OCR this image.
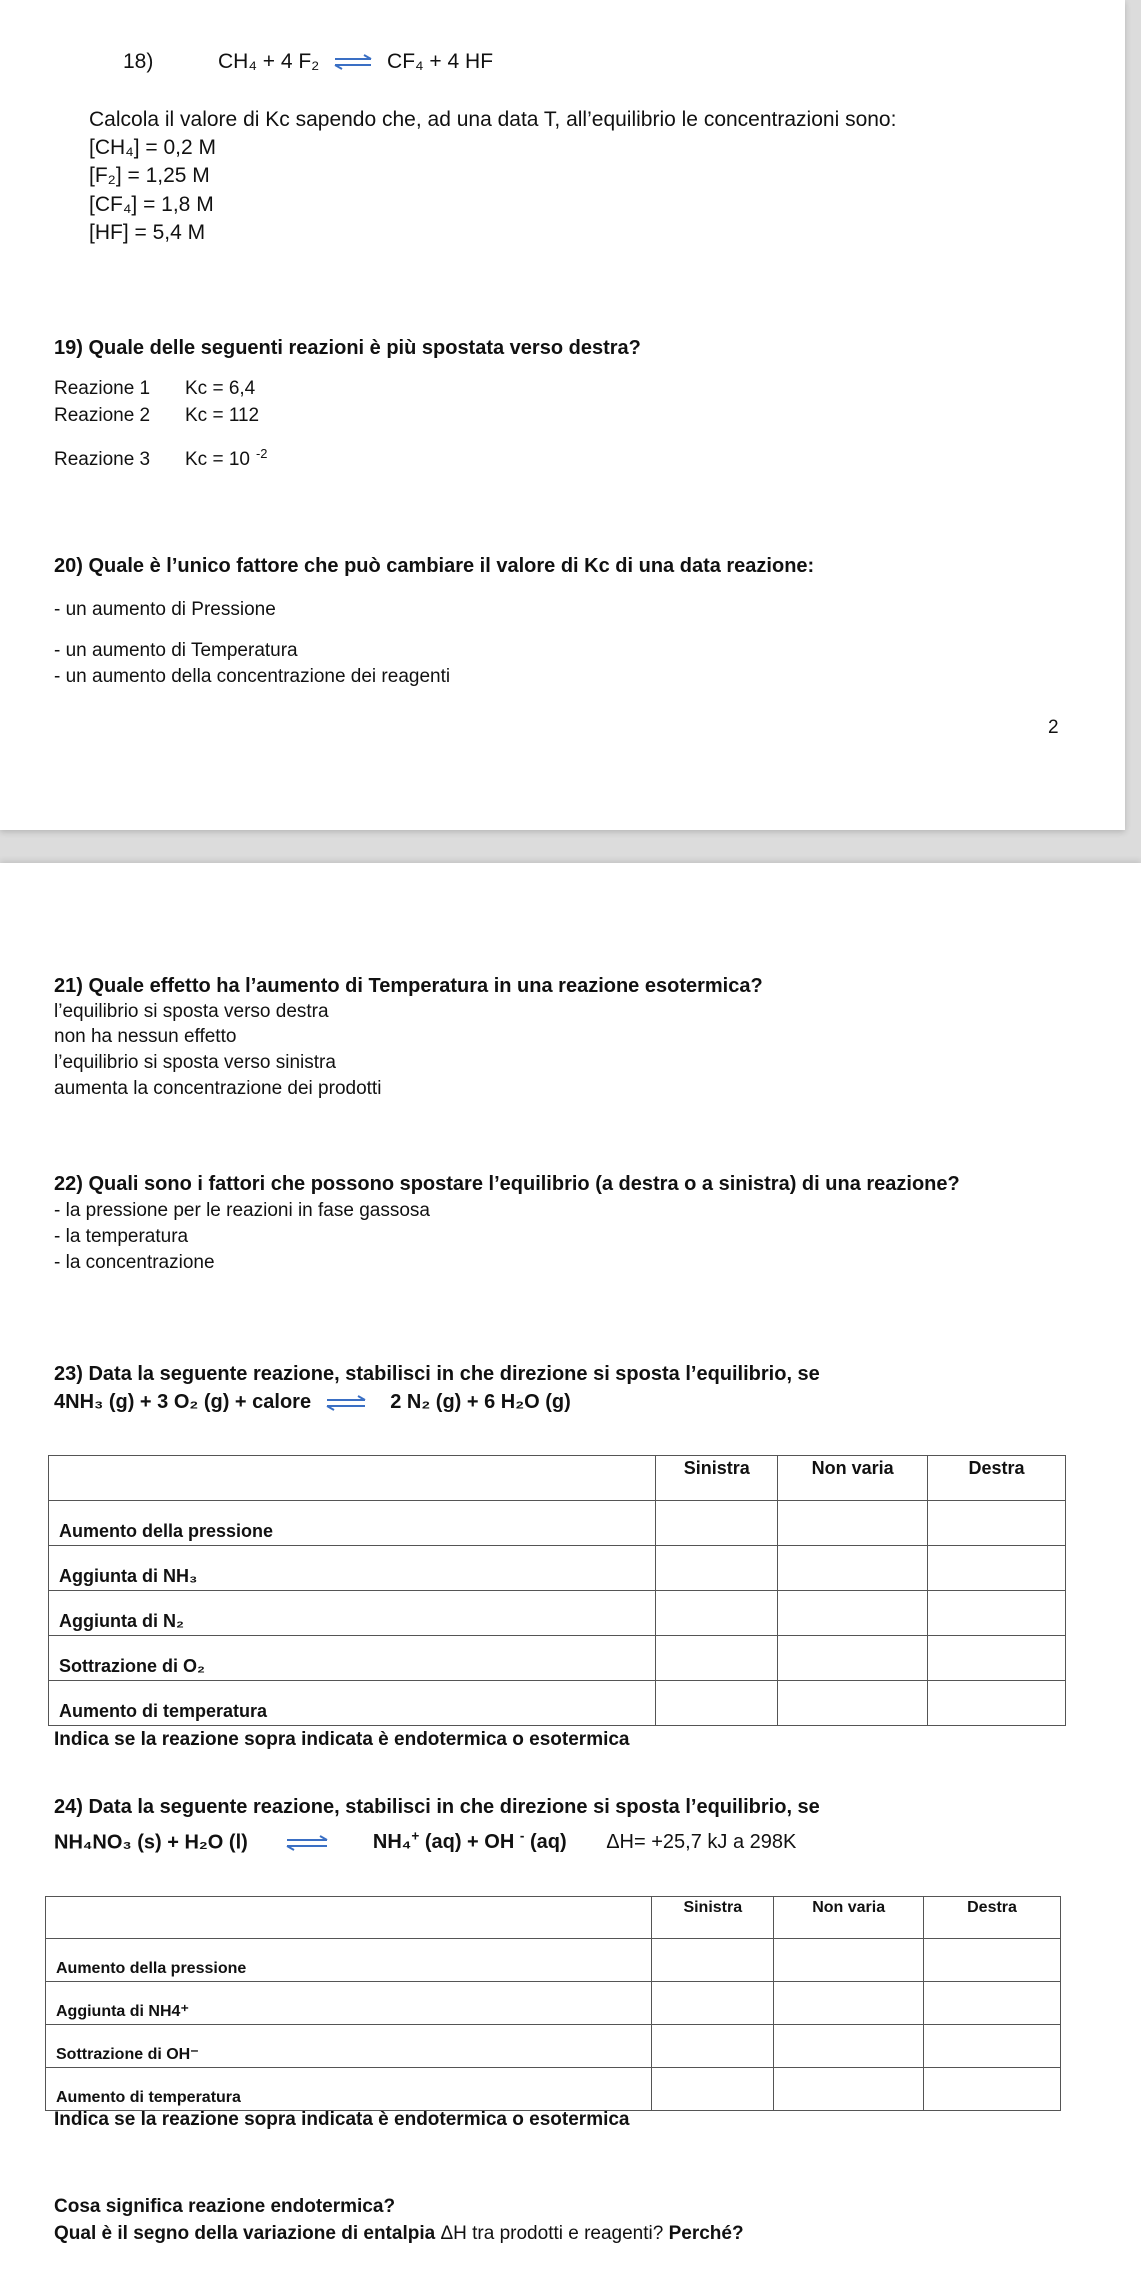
18)	CH₄ + 4 F₂ ⇌ CF₄ + 4 HF
Calcola il valore di Kc sapendo che, ad una data T, all’equilibrio le concentrazioni sono:
[CH₄] = 0,2 M
[F₂] = 1,25 M
[CF₄] = 1,8 M
[HF] = 5,4 M
19) Quale delle seguenti reazioni è più spostata verso destra?
Reazione 1 Kc = 6,4
Reazione 2 Kc = 112
Reazione 3 Kc = 10 $^{-2}$
20) Quale è l’unico fattore che può cambiare il valore di Kc di una data reazione:
- un aumento di Pressione
- un aumento di Temperatura
- un aumento della concentrazione dei reagenti
2
21) Quale effetto ha l’aumento di Temperatura in una reazione esotermica?
l’equilibrio si sposta verso destra
non ha nessun effetto
l’equilibrio si sposta verso sinistra
aumenta la concentrazione dei prodotti
22) Quali sono i fattori che possono spostare l’equilibrio (a destra o a sinistra) di una reazione?
- la pressione per le reazioni in fase gassosa
- la temperatura
- la concentrazione
23) Data la seguente reazione, stabilisci in che direzione si sposta l’equilibrio, se
4NH₃ (g) + 3 O₂ (g) + calore ⇌ 2 N₂ (g) + 6 H₂O (g)
	Sinistra	Non varia	Destra
Aumento della pressione			
Aggiunta di NH₃			
Aggiunta di N₂			
Sottrazione di O₂			
Aumento di temperatura			
Indica se la reazione sopra indicata è endotermica o esotermica
24) Data la seguente reazione, stabilisci in che direzione si sposta l’equilibrio, se
NH₄NO₃ (s) + H₂O (l)	NH₄+ (aq) + OH - (aq) ΔH= +25,7 kJ a 298K
	Sinistra	Non varia	Destra
Aumento della pressione			
Aggiunta di NH4⁺			
Sottrazione di OH⁻			
Aumento di temperatura			
Indica se la reazione sopra indicata è endotermica o esotermica
Cosa significa reazione endotermica?
Qual è il segno della variazione di entalpia ΔH tra prodotti e reagenti? Perché?
